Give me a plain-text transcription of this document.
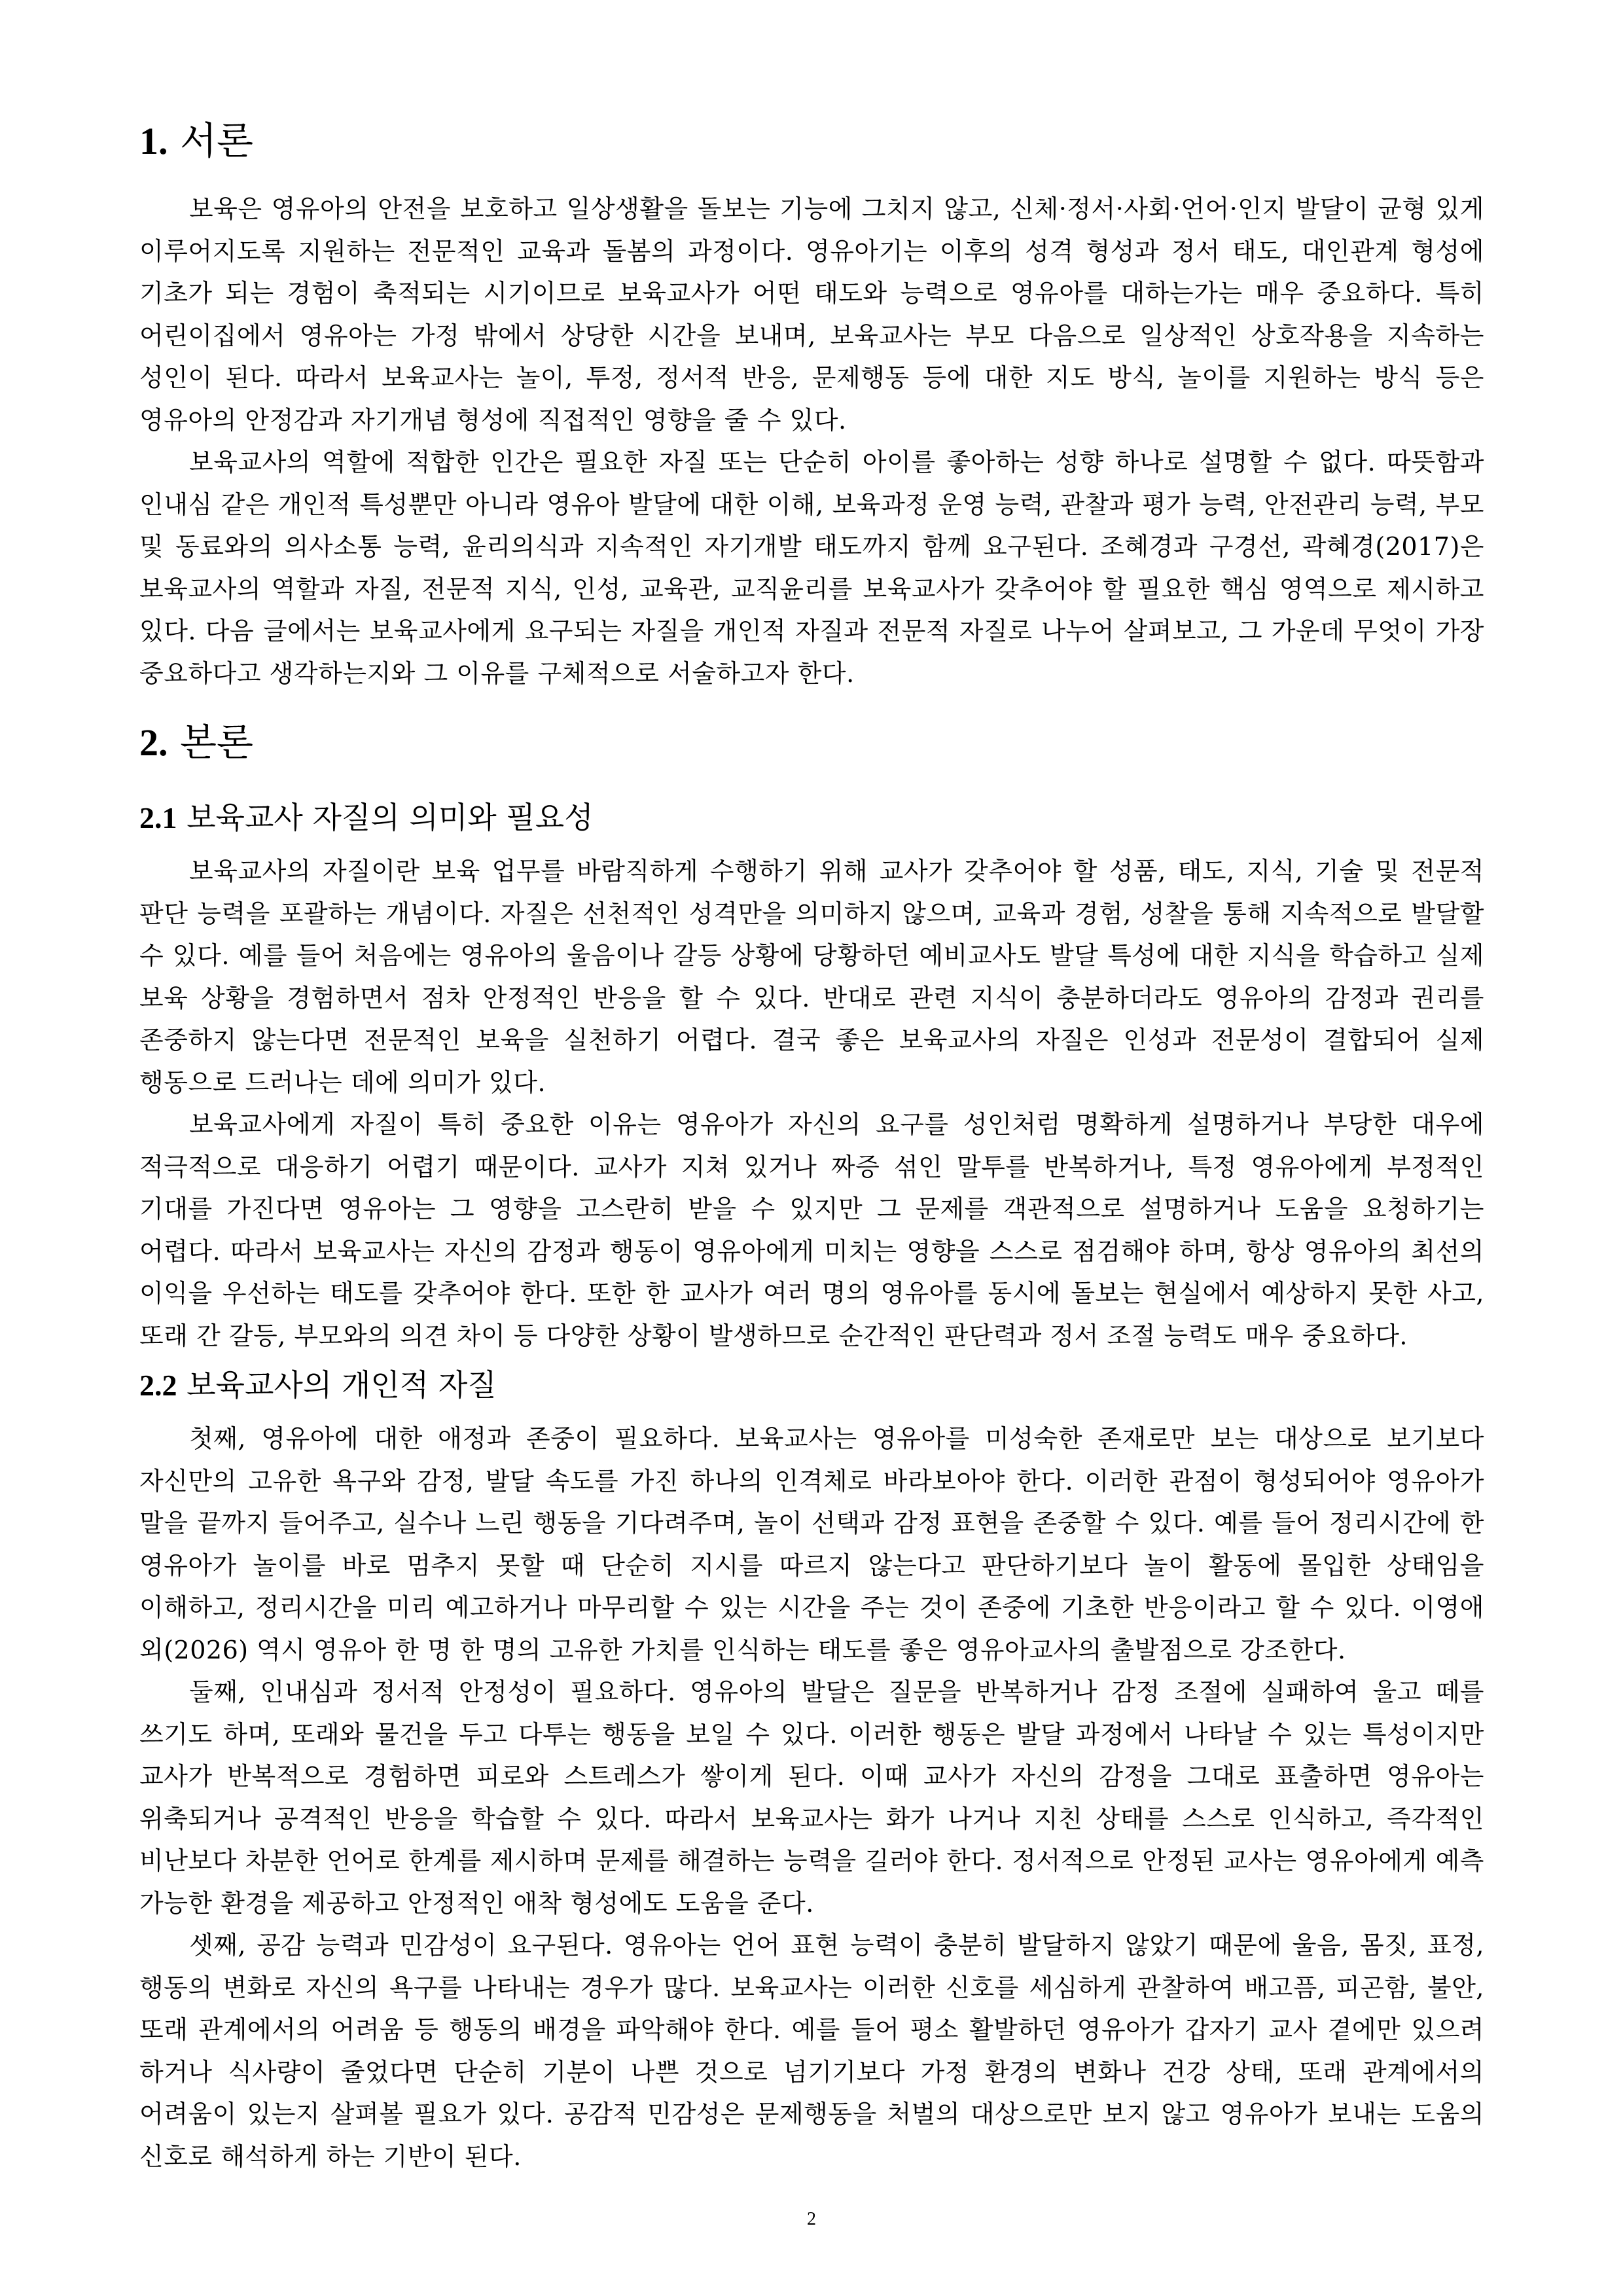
1. 서론

보육은 영유아의 안전을 보호하고 일상생활을 돌보는 기능에 그치지 않고, 신체·정서·사회·언어·인지 발달이 균형 있게 이루어지도록 지원하는 전문적인 교육과 돌봄의 과정이다. 영유아기는 이후의 성격 형성과 정서 태도, 대인관계 형성에 기초가 되는 경험이 축적되는 시기이므로 보육교사가 어떤 태도와 능력으로 영유아를 대하는가는 매우 중요하다. 특히 어린이집에서 영유아는 가정 밖에서 상당한 시간을 보내며, 보육교사는 부모 다음으로 일상적인 상호작용을 지속하는 성인이 된다. 따라서 보육교사는 놀이, 투정, 정서적 반응, 문제행동 등에 대한 지도 방식, 놀이를 지원하는 방식 등은 영유아의 안정감과 자기개념 형성에 직접적인 영향을 줄 수 있다.

보육교사의 역할에 적합한 인간은 필요한 자질 또는 단순히 아이를 좋아하는 성향 하나로 설명할 수 없다. 따뜻함과 인내심 같은 개인적 특성뿐만 아니라 영유아 발달에 대한 이해, 보육과정 운영 능력, 관찰과 평가 능력, 안전관리 능력, 부모 및 동료와의 의사소통 능력, 윤리의식과 지속적인 자기개발 태도까지 함께 요구된다. 조혜경과 구경선, 곽혜경(2017)은 보육교사의 역할과 자질, 전문적 지식, 인성, 교육관, 교직윤리를 보육교사가 갖추어야 할 필요한 핵심 영역으로 제시하고 있다. 다음 글에서는 보육교사에게 요구되는 자질을 개인적 자질과 전문적 자질로 나누어 살펴보고, 그 가운데 무엇이 가장 중요하다고 생각하는지와 그 이유를 구체적으로 서술하고자 한다.

2. 본론
2.1 보육교사 자질의 의미와 필요성

보육교사의 자질이란 보육 업무를 바람직하게 수행하기 위해 교사가 갖추어야 할 성품, 태도, 지식, 기술 및 전문적 판단 능력을 포괄하는 개념이다. 자질은 선천적인 성격만을 의미하지 않으며, 교육과 경험, 성찰을 통해 지속적으로 발달할 수 있다. 예를 들어 처음에는 영유아의 울음이나 갈등 상황에 당황하던 예비교사도 발달 특성에 대한 지식을 학습하고 실제 보육 상황을 경험하면서 점차 안정적인 반응을 할 수 있다. 반대로 관련 지식이 충분하더라도 영유아의 감정과 권리를 존중하지 않는다면 전문적인 보육을 실천하기 어렵다. 결국 좋은 보육교사의 자질은 인성과 전문성이 결합되어 실제 행동으로 드러나는 데에 의미가 있다.

보육교사에게 자질이 특히 중요한 이유는 영유아가 자신의 요구를 성인처럼 명확하게 설명하거나 부당한 대우에 적극적으로 대응하기 어렵기 때문이다. 교사가 지쳐 있거나 짜증 섞인 말투를 반복하거나, 특정 영유아에게 부정적인 기대를 가진다면 영유아는 그 영향을 고스란히 받을 수 있지만 그 문제를 객관적으로 설명하거나 도움을 요청하기는 어렵다. 따라서 보육교사는 자신의 감정과 행동이 영유아에게 미치는 영향을 스스로 점검해야 하며, 항상 영유아의 최선의 이익을 우선하는 태도를 갖추어야 한다. 또한 한 교사가 여러 명의 영유아를 동시에 돌보는 현실에서 예상하지 못한 사고, 또래 간 갈등, 부모와의 의견 차이 등 다양한 상황이 발생하므로 순간적인 판단력과 정서 조절 능력도 매우 중요하다.

2.2 보육교사의 개인적 자질

첫째, 영유아에 대한 애정과 존중이 필요하다. 보육교사는 영유아를 미성숙한 존재로만 보는 대상으로 보기보다 자신만의 고유한 욕구와 감정, 발달 속도를 가진 하나의 인격체로 바라보아야 한다. 이러한 관점이 형성되어야 영유아가 말을 끝까지 들어주고, 실수나 느린 행동을 기다려주며, 놀이 선택과 감정 표현을 존중할 수 있다. 예를 들어 정리시간에 한 영유아가 놀이를 바로 멈추지 못할 때 단순히 지시를 따르지 않는다고 판단하기보다 놀이 활동에 몰입한 상태임을 이해하고, 정리시간을 미리 예고하거나 마무리할 수 있는 시간을 주는 것이 존중에 기초한 반응이라고 할 수 있다. 이영애 외(2026) 역시 영유아 한 명 한 명의 고유한 가치를 인식하는 태도를 좋은 영유아교사의 출발점으로 강조한다.

둘째, 인내심과 정서적 안정성이 필요하다. 영유아의 발달은 질문을 반복하거나 감정 조절에 실패하여 울고 떼를 쓰기도 하며, 또래와 물건을 두고 다투는 행동을 보일 수 있다. 이러한 행동은 발달 과정에서 나타날 수 있는 특성이지만 교사가 반복적으로 경험하면 피로와 스트레스가 쌓이게 된다. 이때 교사가 자신의 감정을 그대로 표출하면 영유아는 위축되거나 공격적인 반응을 학습할 수 있다. 따라서 보육교사는 화가 나거나 지친 상태를 스스로 인식하고, 즉각적인 비난보다 차분한 언어로 한계를 제시하며 문제를 해결하는 능력을 길러야 한다. 정서적으로 안정된 교사는 영유아에게 예측 가능한 환경을 제공하고 안정적인 애착 형성에도 도움을 준다.

셋째, 공감 능력과 민감성이 요구된다. 영유아는 언어 표현 능력이 충분히 발달하지 않았기 때문에 울음, 몸짓, 표정, 행동의 변화로 자신의 욕구를 나타내는 경우가 많다. 보육교사는 이러한 신호를 세심하게 관찰하여 배고픔, 피곤함, 불안, 또래 관계에서의 어려움 등 행동의 배경을 파악해야 한다. 예를 들어 평소 활발하던 영유아가 갑자기 교사 곁에만 있으려 하거나 식사량이 줄었다면 단순히 기분이 나쁜 것으로 넘기기보다 가정 환경의 변화나 건강 상태, 또래 관계에서의 어려움이 있는지 살펴볼 필요가 있다. 공감적 민감성은 문제행동을 처벌의 대상으로만 보지 않고 영유아가 보내는 도움의 신호로 해석하게 하는 기반이 된다.

2
